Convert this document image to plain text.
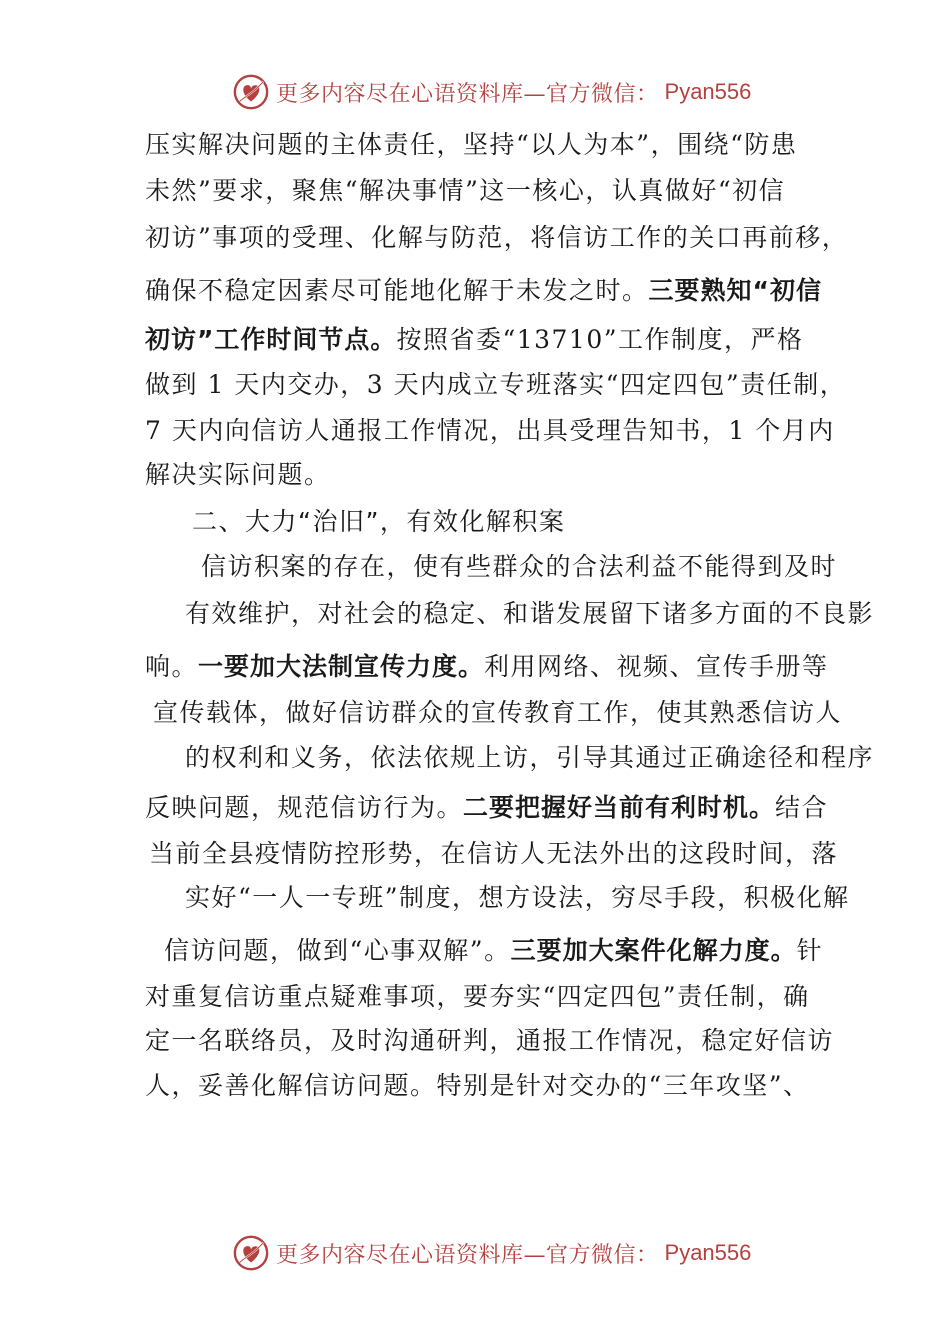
更多内容尽在心语资料库—官方微信： Pyan556
压实解决问题的主体责任，坚持“以人为本”，围绕“防患
未然”要求，聚焦“解决事情”这一核心，认真做好“初信
初访”事项的受理、化解与防范，将信访工作的关口再前移，
确保不稳定因素尽可能地化解于未发之时。三要熟知“初信
初访”工作时间节点。按照省委“13710”工作制度，严格
做到 1 天内交办，3 天内成立专班落实“四定四包”责任制，
7 天内向信访人通报工作情况，出具受理告知书，1 个月内
解决实际问题。
二、大力“治旧”，有效化解积案
信访积案的存在，使有些群众的合法利益不能得到及时
有效维护，对社会的稳定、和谐发展留下诸多方面的不良影
响。一要加大法制宣传力度。利用网络、视频、宣传手册等
宣传载体，做好信访群众的宣传教育工作，使其熟悉信访人
的权利和义务，依法依规上访，引导其通过正确途径和程序
反映问题，规范信访行为。二要把握好当前有利时机。结合
当前全县疫情防控形势，在信访人无法外出的这段时间，落
实好“一人一专班”制度，想方设法，穷尽手段，积极化解
信访问题，做到“心事双解”。三要加大案件化解力度。针
对重复信访重点疑难事项，要夯实“四定四包”责任制，确
定一名联络员，及时沟通研判，通报工作情况，稳定好信访
人，妥善化解信访问题。特别是针对交办的“三年攻坚”、
更多内容尽在心语资料库—官方微信： Pyan556
